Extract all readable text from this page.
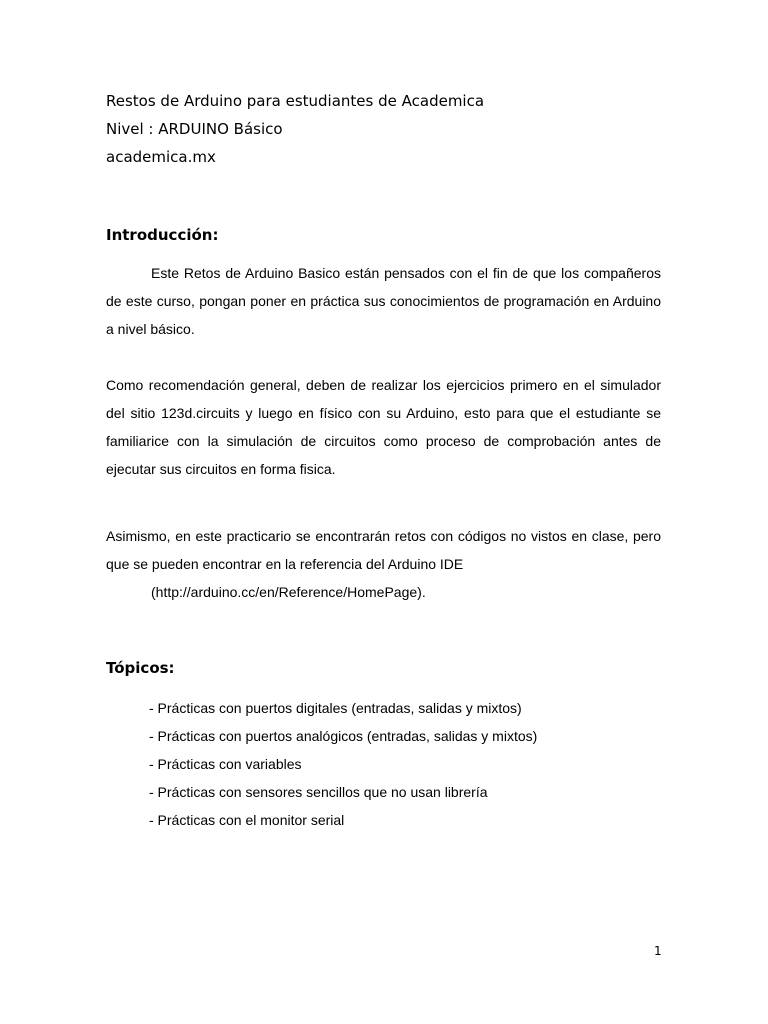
Restos de Arduino para estudiantes de Academica
Nivel : ARDUINO Básico
academica.mx
Introducción:

Este Retos de Arduino Basico están pensados con el fin de que los compañeros de este curso, pongan poner en práctica sus conocimientos de programación en Arduino a nivel básico.

Como recomendación general, deben de realizar los ejercicios primero en el simulador del sitio 123d.circuits y luego en físico con su Arduino, esto para que el estudiante se familiarice con la simulación de circuitos como proceso de comprobación antes de ejecutar sus circuitos en forma fisica.

Asimismo, en este practicario se encontrarán retos con códigos no vistos en clase, pero que se pueden encontrar en la referencia del Arduino IDE

(http://arduino.cc/en/Reference/HomePage).
Tópicos:
- Prácticas con puertos digitales (entradas, salidas y mixtos)
- Prácticas con puertos analógicos (entradas, salidas y mixtos)
- Prácticas con variables
- Prácticas con sensores sencillos que no usan librería
- Prácticas con el monitor serial
1
